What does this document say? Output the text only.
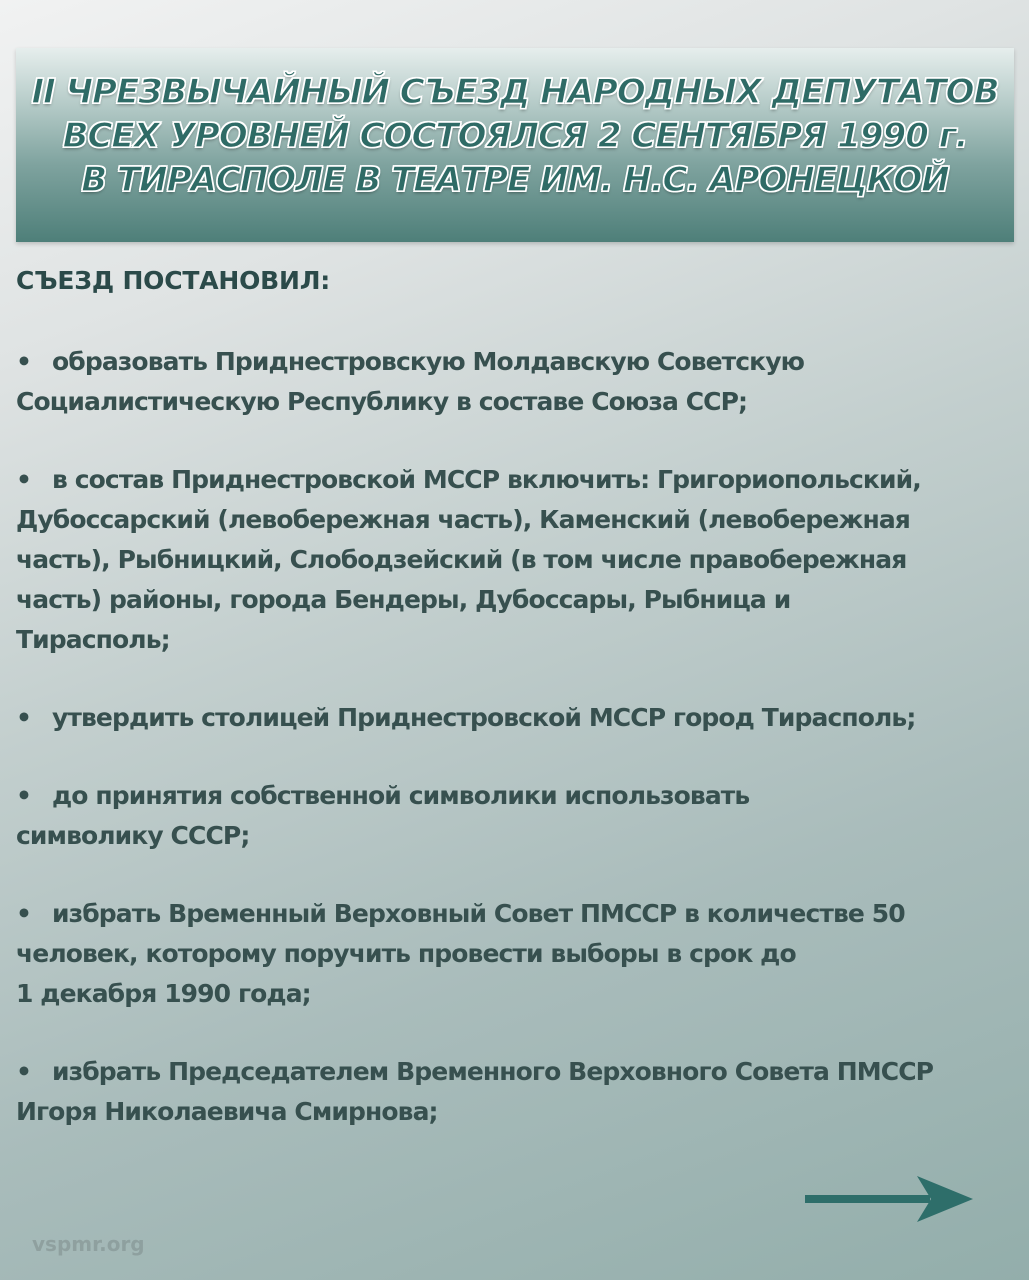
II ЧРЕЗВЫЧАЙНЫЙ СЪЕЗД НАРОДНЫХ ДЕПУТАТОВ
ВСЕХ УРОВНЕЙ СОСТОЯЛСЯ 2 СЕНТЯБРЯ 1990 г.
В ТИРАСПОЛЕ В ТЕАТРЕ ИМ. Н.С. АРОНЕЦКОЙ
СЪЕЗД ПОСТАНОВИЛ:
• образовать Приднестровскую Молдавскую Советскую
Социалистическую Республику в составе Союза ССР;
• в состав Приднестровской МССР включить: Григориопольский,
Дубоссарский (левобережная часть), Каменский (левобережная
часть), Рыбницкий, Слободзейский (в том числе правобережная
часть) районы, города Бендеры, Дубоссары, Рыбница и
Тирасполь;
• утвердить столицей Приднестровской МССР город Тирасполь;
• до принятия собственной символики использовать
символику СССР;
• избрать Временный Верховный Совет ПМССР в количестве 50
человек, которому поручить провести выборы в срок до
1 декабря 1990 года;
• избрать Председателем Временного Верховного Совета ПМССР
Игоря Николаевича Смирнова;
vspmr.org
